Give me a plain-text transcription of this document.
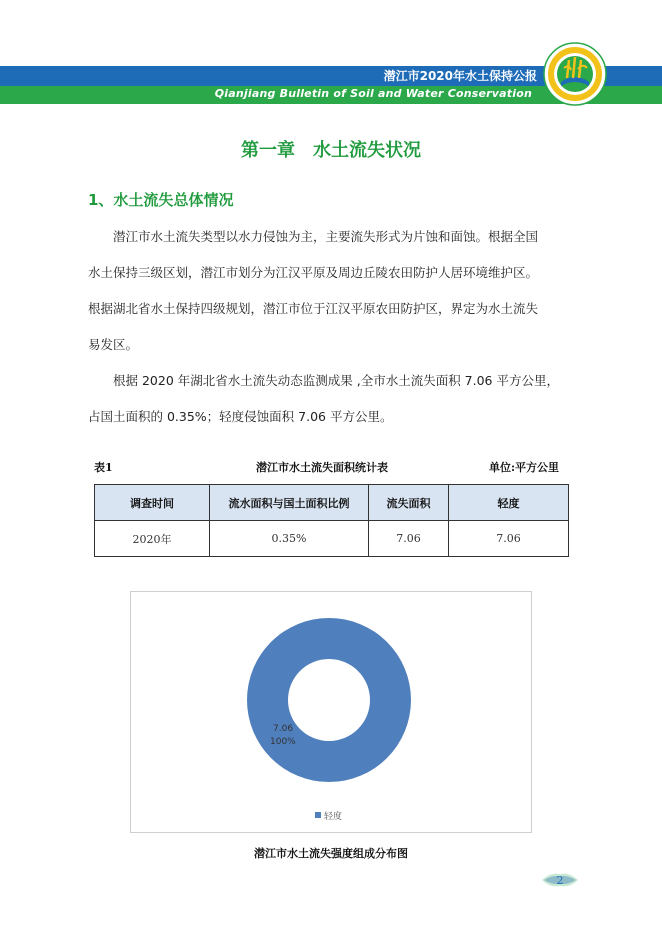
潜江市2020年水土保持公报
Qianjiang Bulletin of Soil and Water Conservation
第一章　水土流失状况
1、水土流失总体情况
潜江市水土流失类型以水力侵蚀为主，主要流失形式为片蚀和面蚀。根据全国
水土保持三级区划，潜江市划分为江汉平原及周边丘陵农田防护人居环境维护区。
根据湖北省水土保持四级规划，潜江市位于江汉平原农田防护区，界定为水土流失
易发区。
根据 2020 年湖北省水土流失动态监测成果 ,全市水土流失面积 7.06 平方公里，
占国土面积的 0.35%；轻度侵蚀面积 7.06 平方公里。
表1	潜江市水土流失面积统计表	单位:平方公里
调查时间	流水面积与国土面积比例	流失面积	轻度
2020年	0.35%	7.06	7.06
7.06
100%
轻度
潜江市水土流失强度组成分布图
2
